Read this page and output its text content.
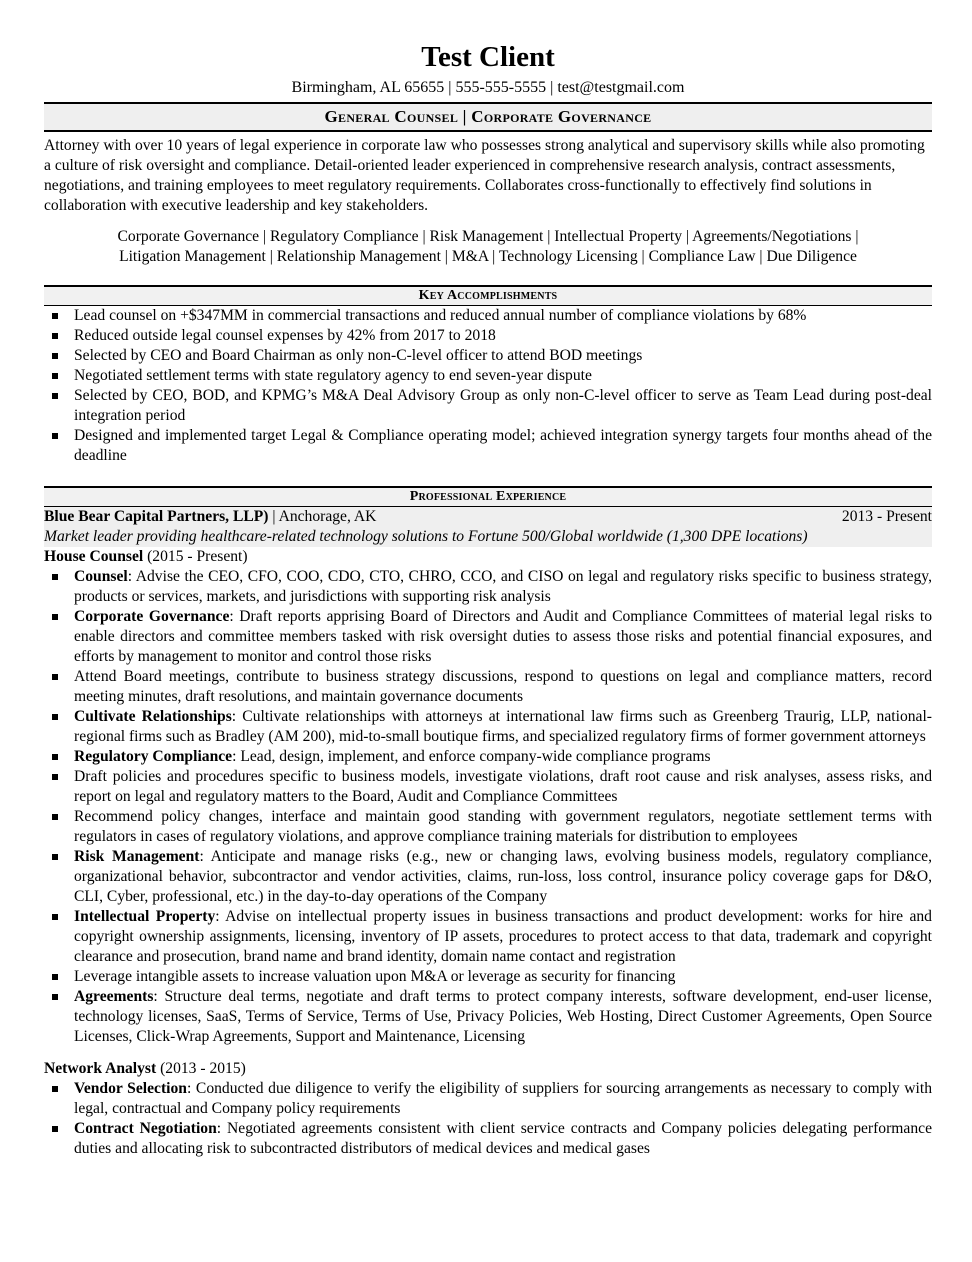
Test Client
Birmingham, AL 65655 | 555-555-5555 | test@testgmail.com
General Counsel | Corporate Governance
Attorney with over 10 years of legal experience in corporate law who possesses strong analytical and supervisory skills while also promoting a culture of risk oversight and compliance. Detail-oriented leader experienced in comprehensive research analysis, contract assessments, negotiations, and training employees to meet regulatory requirements. Collaborates cross-functionally to effectively find solutions in collaboration with executive leadership and key stakeholders.
Corporate Governance | Regulatory Compliance | Risk Management | Intellectual Property | Agreements/Negotiations |
Litigation Management | Relationship Management | M&A | Technology Licensing | Compliance Law | Due Diligence
Key Accomplishments
Lead counsel on +$347MM in commercial transactions and reduced annual number of compliance violations by 68%
Reduced outside legal counsel expenses by 42% from 2017 to 2018
Selected by CEO and Board Chairman as only non-C-level officer to attend BOD meetings
Negotiated settlement terms with state regulatory agency to end seven-year dispute
Selected by CEO, BOD, and KPMG’s M&A Deal Advisory Group as only non-C-level officer to serve as Team Lead during post-deal integration period
Designed and implemented target Legal & Compliance operating model; achieved integration synergy targets four months ahead of the deadline
Professional Experience
Blue Bear Capital Partners, LLP) | Anchorage, AK	2013 - Present
Market leader providing healthcare-related technology solutions to Fortune 500/Global worldwide (1,300 DPE locations)
House Counsel (2015 - Present)
Counsel: Advise the CEO, CFO, COO, CDO, CTO, CHRO, CCO, and CISO on legal and regulatory risks specific to business strategy, products or services, markets, and jurisdictions with supporting risk analysis
Corporate Governance: Draft reports apprising Board of Directors and Audit and Compliance Committees of material legal risks to enable directors and committee members tasked with risk oversight duties to assess those risks and potential financial exposures, and efforts by management to monitor and control those risks
Attend Board meetings, contribute to business strategy discussions, respond to questions on legal and compliance matters, record meeting minutes, draft resolutions, and maintain governance documents
Cultivate Relationships: Cultivate relationships with attorneys at international law firms such as Greenberg Traurig, LLP, national-regional firms such as Bradley (AM 200), mid-to-small boutique firms, and specialized regulatory firms of former government attorneys
Regulatory Compliance: Lead, design, implement, and enforce company-wide compliance programs
Draft policies and procedures specific to business models, investigate violations, draft root cause and risk analyses, assess risks, and report on legal and regulatory matters to the Board, Audit and Compliance Committees
Recommend policy changes, interface and maintain good standing with government regulators, negotiate settlement terms with regulators in cases of regulatory violations, and approve compliance training materials for distribution to employees
Risk Management: Anticipate and manage risks (e.g., new or changing laws, evolving business models, regulatory compliance, organizational behavior, subcontractor and vendor activities, claims, run-loss, loss control, insurance policy coverage gaps for D&O, CLI, Cyber, professional, etc.) in the day-to-day operations of the Company
Intellectual Property: Advise on intellectual property issues in business transactions and product development: works for hire and copyright ownership assignments, licensing, inventory of IP assets, procedures to protect access to that data, trademark and copyright clearance and prosecution, brand name and brand identity, domain name contact and registration
Leverage intangible assets to increase valuation upon M&A or leverage as security for financing
Agreements: Structure deal terms, negotiate and draft terms to protect company interests, software development, end-user license, technology licenses, SaaS, Terms of Service, Terms of Use, Privacy Policies, Web Hosting, Direct Customer Agreements, Open Source Licenses, Click-Wrap Agreements, Support and Maintenance, Licensing
Network Analyst (2013 - 2015)
Vendor Selection: Conducted due diligence to verify the eligibility of suppliers for sourcing arrangements as necessary to comply with legal, contractual and Company policy requirements
Contract Negotiation: Negotiated agreements consistent with client service contracts and Company policies delegating performance duties and allocating risk to subcontracted distributors of medical devices and medical gases
